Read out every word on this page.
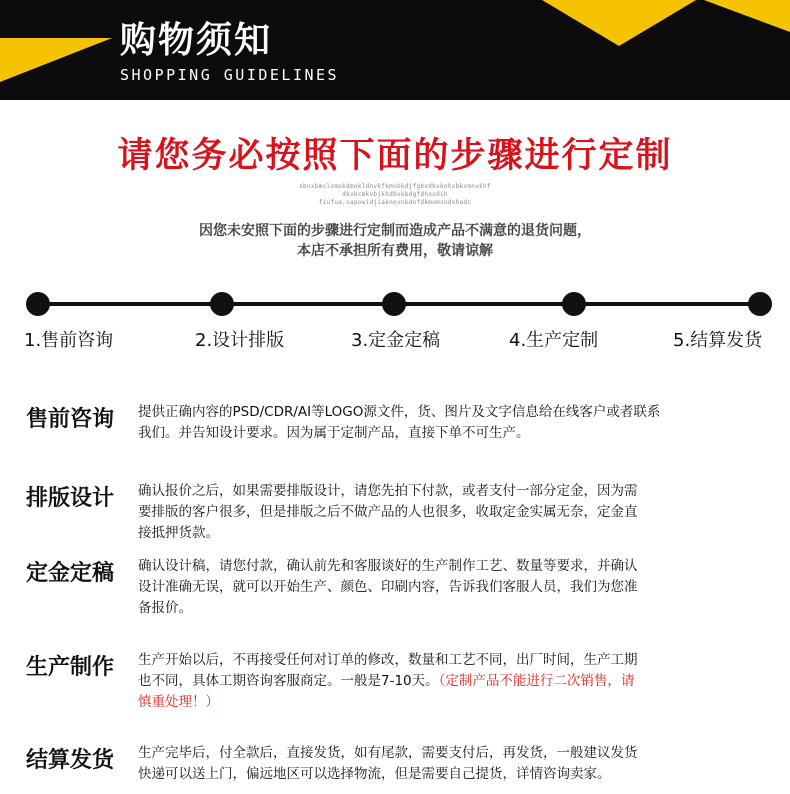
购物须知
SHOPPING GUIDELINES
请您务必按照下面的步骤进行定制
sbnxbmclxmokdmokldnvkfkmvbkdjfgbvdbvkohxbkvmnvkhf
dkvbcmkvbjkhdbvkbdgfdhoudih
fiufua,oapowidjiaknovnkdnfdkmomxndshadc
因您未安照下面的步骤进行定制而造成产品不满意的退货问题，
本店不承担所有费用，敬请谅解
1.售前咨询	2.设计排版	3.定金定稿	4.生产定制	5.结算发货
售前咨询 提供正确内容的PSD/CDR/AI等LOGO源文件，货、图片及文字信息给在线客户或者联系
我们。并告知设计要求。因为属于定制产品，直接下单不可生产。
排版设计 确认报价之后，如果需要排版设计，请您先拍下付款，或者支付一部分定金，因为需
要排版的客户很多，但是排版之后不做产品的人也很多，收取定金实属无奈，定金直
接抵押货款。
定金定稿 确认设计稿，请您付款，确认前先和客服谈好的生产制作工艺、数量等要求，并确认
设计准确无误，就可以开始生产、颜色、印刷内容，告诉我们客服人员，我们为您准
备报价。
生产制作 生产开始以后，不再接受任何对订单的修改，数量和工艺不同，出厂时间，生产工期
也不同，具体工期咨询客服商定。一般是7-10天。（定制产品不能进行二次销售，请
慎重处理！）
结算发货 生产完毕后，付全款后，直接发货，如有尾款，需要支付后，再发货，一般建议发货
快递可以送上门，偏远地区可以选择物流，但是需要自己提货，详情咨询卖家。
